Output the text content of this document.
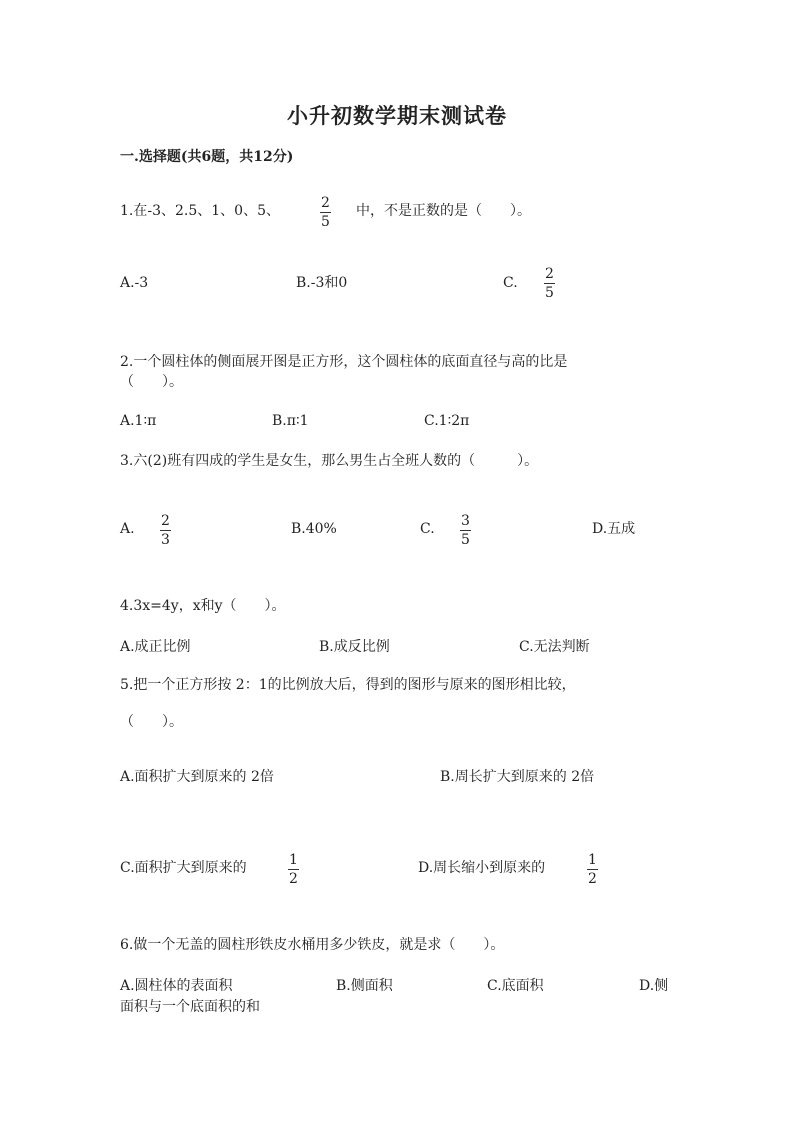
小升初数学期末测试卷
一.选择题(共6题，共12分)
1.在-3、2.5、1、0、5、	2
5
中，不是正数的是（　　）。
A.-3	B.-3和0	C.
2
5
2.一个圆柱体的侧面展开图是正方形，这个圆柱体的底面直径与高的比是
（　　）。
A.1∶π	B.π∶1	C.1∶2π
3.六(2)班有四成的学生是女生，那么男生占全班人数的（　　　）。
A. 2
3
B.40%	C. 3
5
D.五成
4.3x=4y，x和y（　　）。
A.成正比例	B.成反比例	C.无法判断
5.把一个正方形按 2：1的比例放大后，得到的图形与原来的图形相比较，
（　　）。
A.面积扩大到原来的 2倍	B.周长扩大到原来的 2倍
C.面积扩大到原来的	1
2
D.周长缩小到原来的	1
2
6.做一个无盖的圆柱形铁皮水桶用多少铁皮，就是求（　　）。
A.圆柱体的表面积	B.侧面积	C.底面积	D.侧
面积与一个底面积的和
